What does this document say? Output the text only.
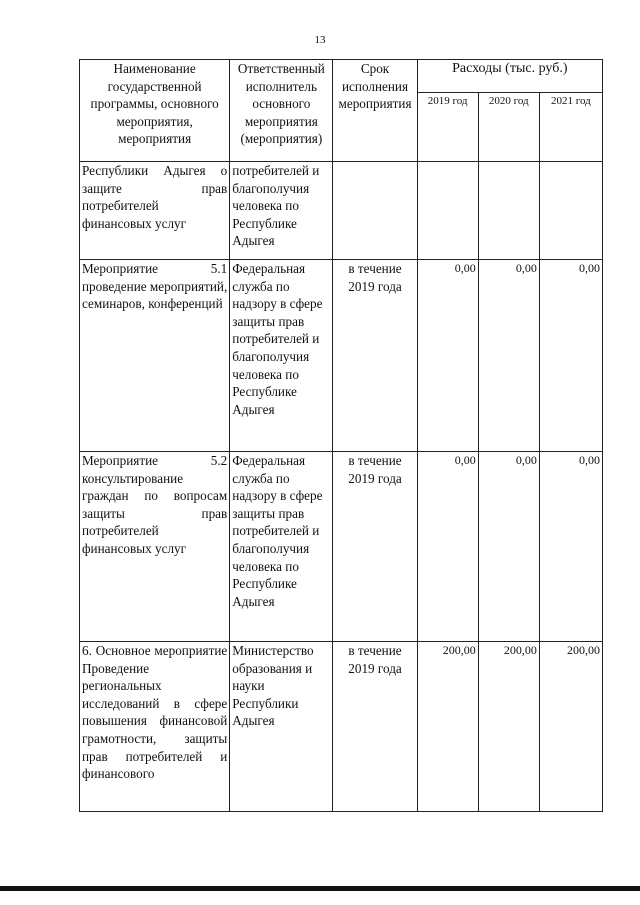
13
Наименование государственной программы, основного мероприятия, мероприятия	Ответственный исполнитель основного мероприятия (мероприятия)	Срок исполнения мероприятия	Расходы (тыс. руб.)		
			2019 год	2020 год	2021 год
Республики Адыгея о защите прав потребителей финансовых услуг	потребителей и благополучия человека по Республике Адыгея				
Мероприятие 5.1 проведение мероприятий, семинаров, конференций	Федеральная служба по надзору в сфере защиты прав потребителей и благополучия человека по Республике Адыгея	в течение 2019 года	0,00	0,00	0,00
Мероприятие 5.2 консультирование граждан по вопросам защиты прав потребителей финансовых услуг	Федеральная служба по надзору в сфере защиты прав потребителей и благополучия человека по Республике Адыгея	в течение 2019 года	0,00	0,00	0,00
6. Основное мероприятие Проведение региональных исследований в сфере повышения финансовой грамотности, защиты прав потребителей и финансового	Министерство образования и науки Республики Адыгея	в течение 2019 года	200,00	200,00	200,00
